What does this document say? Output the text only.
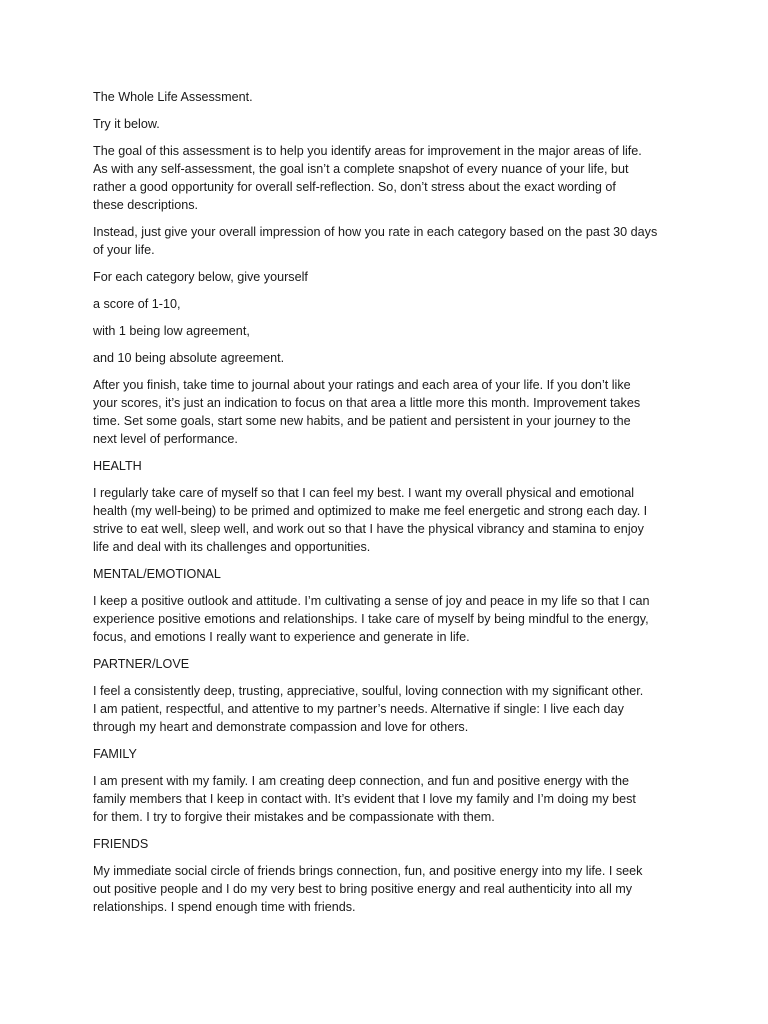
The Whole Life Assessment.

Try it below.

The goal of this assessment is to help you identify areas for improvement in the major areas of life.
As with any self-assessment, the goal isn’t a complete snapshot of every nuance of your life, but
rather a good opportunity for overall self-reflection. So, don’t stress about the exact wording of
these descriptions.

Instead, just give your overall impression of how you rate in each category based on the past 30 days
of your life.

For each category below, give yourself

a score of 1-10,

with 1 being low agreement,

and 10 being absolute agreement.

After you finish, take time to journal about your ratings and each area of your life. If you don’t like
your scores, it’s just an indication to focus on that area a little more this month. Improvement takes
time. Set some goals, start some new habits, and be patient and persistent in your journey to the
next level of performance.

HEALTH

I regularly take care of myself so that I can feel my best. I want my overall physical and emotional
health (my well-being) to be primed and optimized to make me feel energetic and strong each day. I
strive to eat well, sleep well, and work out so that I have the physical vibrancy and stamina to enjoy
life and deal with its challenges and opportunities.

MENTAL/EMOTIONAL

I keep a positive outlook and attitude. I’m cultivating a sense of joy and peace in my life so that I can
experience positive emotions and relationships. I take care of myself by being mindful to the energy,
focus, and emotions I really want to experience and generate in life.

PARTNER/LOVE

I feel a consistently deep, trusting, appreciative, soulful, loving connection with my significant other.
I am patient, respectful, and attentive to my partner’s needs. Alternative if single: I live each day
through my heart and demonstrate compassion and love for others.

FAMILY

I am present with my family. I am creating deep connection, and fun and positive energy with the
family members that I keep in contact with. It’s evident that I love my family and I’m doing my best
for them. I try to forgive their mistakes and be compassionate with them.

FRIENDS

My immediate social circle of friends brings connection, fun, and positive energy into my life. I seek
out positive people and I do my very best to bring positive energy and real authenticity into all my
relationships. I spend enough time with friends.
